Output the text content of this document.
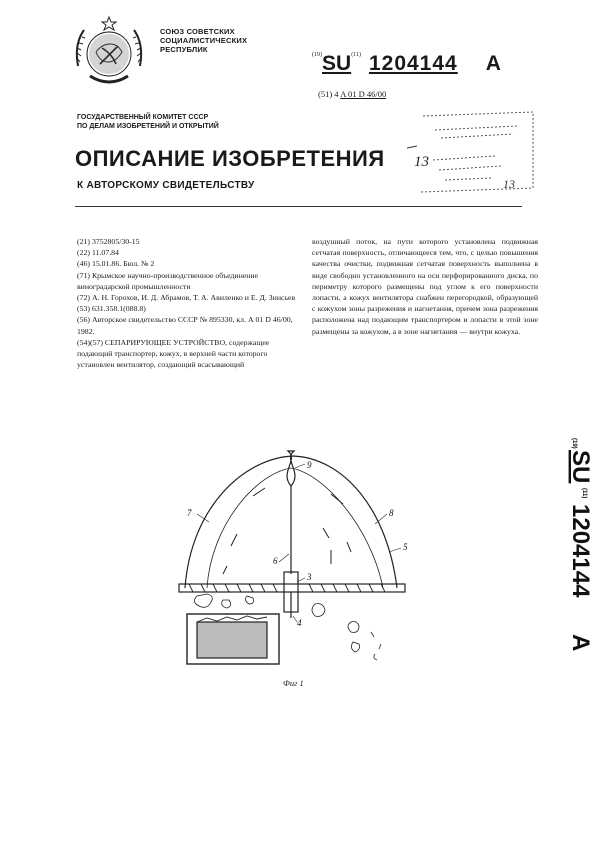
СОЮЗ СОВЕТСКИХ
СОЦИАЛИСТИЧЕСКИХ
РЕСПУБЛИК
$^{(19)}$SU$^{(11)}$ 1204144 A
(51) 4 A 01 D 46/00
ГОСУДАРСТВЕННЫЙ КОМИТЕТ СССР
ПО ДЕЛАМ ИЗОБРЕТЕНИЙ И ОТКРЫТИЙ
13
13
ОПИСАНИЕ ИЗОБРЕТЕНИЯ
К АВТОРСКОМУ СВИДЕТЕЛЬСТВУ

(21) 3752805/30-15

(22) 11.07.84

(46) 15.01.86. Бюл. № 2

(71) Крымское научно-производственное объединение виноградарской промышленности

(72) А. Н. Горохов, И. Д. Абрамов, Т. А. Авиленко и Е. Д. Зинсьев

(53) 631.358.1(088.8)

(56) Авторское свидетельство СССР № 895330, кл. А 01 D 46/00, 1982.

(54)(57) СЕПАРИРУЮЩЕЕ УСТРОЙСТВО, содержащее подающий транспортер, кожух, в верхней части которого установлен вентилятор, создающий всасывающий

воздушный поток, на пути которого установлена подвижная сетчатая поверхность, отличающееся тем, что, с целью повышения качества очистки, подвижная сетчатая поверхность выполнена в виде свободно установленного на оси перфорированного диска, по периметру которого размещены под углом к его поверхности лопасти, а кожух вентилятора снабжен перегородкой, образующей с кожухом зоны разрежения и нагнетания, причем зона разрежения расположена над подающим транспортером и лопасти в этой зоне размещены за кожухом, а в зоне нагнетания — внутри кожуха.

(19)
SU
(11)
1204144
A
9
7	8
5
6
3
4
Фиг 1
